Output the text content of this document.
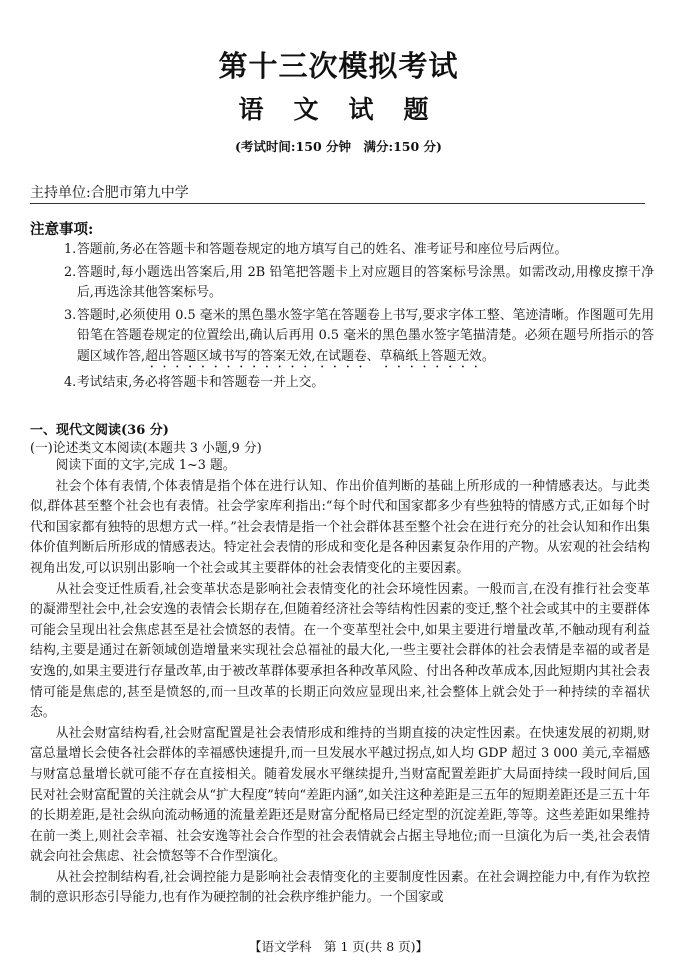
第十三次模拟考试
语文试题
(考试时间:150 分钟　满分:150 分)
主持单位:合肥市第九中学
注意事项:
1. 答题前,务必在答题卡和答题卷规定的地方填写自己的姓名、准考证号和座位号后两位。
2. 答题时,每小题选出答案后,用 2B 铅笔把答题卡上对应题目的答案标号涂黑。如需改动,用橡皮擦干净后,再选涂其他答案标号。
3. 答题时,必须使用 0.5 毫米的黑色墨水签字笔在答题卷上书写,要求字体工整、笔迹清晰。作图题可先用铅笔在答题卷规定的位置绘出,确认后再用 0.5 毫米的黑色墨水签字笔描清楚。必须在题号所指示的答题区域作答,超出答题区域书写的答案无效,在试题卷、草稿纸上答题无效。
4. 考试结束,务必将答题卡和答题卷一并上交。
一、现代文阅读(36 分)
(一)论述类文本阅读(本题共 3 小题,9 分)

阅读下面的文字,完成 1~3 题。

社会个体有表情,个体表情是指个体在进行认知、作出价值判断的基础上所形成的一种情感表达。与此类似,群体甚至整个社会也有表情。社会学家库利指出:“每个时代和国家都多少有些独特的情感方式,正如每个时代和国家都有独特的思想方式一样。”社会表情是指一个社会群体甚至整个社会在进行充分的社会认知和作出集体价值判断后所形成的情感表达。特定社会表情的形成和变化是各种因素复杂作用的产物。从宏观的社会结构视角出发,可以识别出影响一个社会或其主要群体的社会表情变化的主要因素。

从社会变迁性质看,社会变革状态是影响社会表情变化的社会环境性因素。一般而言,在没有推行社会变革的凝滞型社会中,社会安逸的表情会长期存在,但随着经济社会等结构性因素的变迁,整个社会或其中的主要群体可能会呈现出社会焦虑甚至是社会愤怒的表情。在一个变革型社会中,如果主要进行增量改革,不触动现有利益结构,主要是通过在新领域创造增量来实现社会总福祉的最大化,一些主要社会群体的社会表情是幸福的或者是安逸的,如果主要进行存量改革,由于被改革群体要承担各种改革风险、付出各种改革成本,因此短期内其社会表情可能是焦虑的,甚至是愤怒的,而一旦改革的长期正向效应显现出来,社会整体上就会处于一种持续的幸福状态。

从社会财富结构看,社会财富配置是社会表情形成和维持的当期直接的决定性因素。在快速发展的初期,财富总量增长会使各社会群体的幸福感快速提升,而一旦发展水平越过拐点,如人均 GDP 超过 3 000 美元,幸福感与财富总量增长就可能不存在直接相关。随着发展水平继续提升,当财富配置差距扩大局面持续一段时间后,国民对社会财富配置的关注就会从“扩大程度”转向“差距内涵”,如关注这种差距是三五年的短期差距还是三五十年的长期差距,是社会纵向流动畅通的流量差距还是财富分配格局已经定型的沉淀差距,等等。这些差距如果维持在前一类上,则社会幸福、社会安逸等社会合作型的社会表情就会占据主导地位;而一旦演化为后一类,社会表情就会向社会焦虑、社会愤怒等不合作型演化。

从社会控制结构看,社会调控能力是影响社会表情变化的主要制度性因素。在社会调控能力中,有作为软控制的意识形态引导能力,也有作为硬控制的社会秩序维护能力。一个国家或

【语文学科　第 1 页(共 8 页)】
